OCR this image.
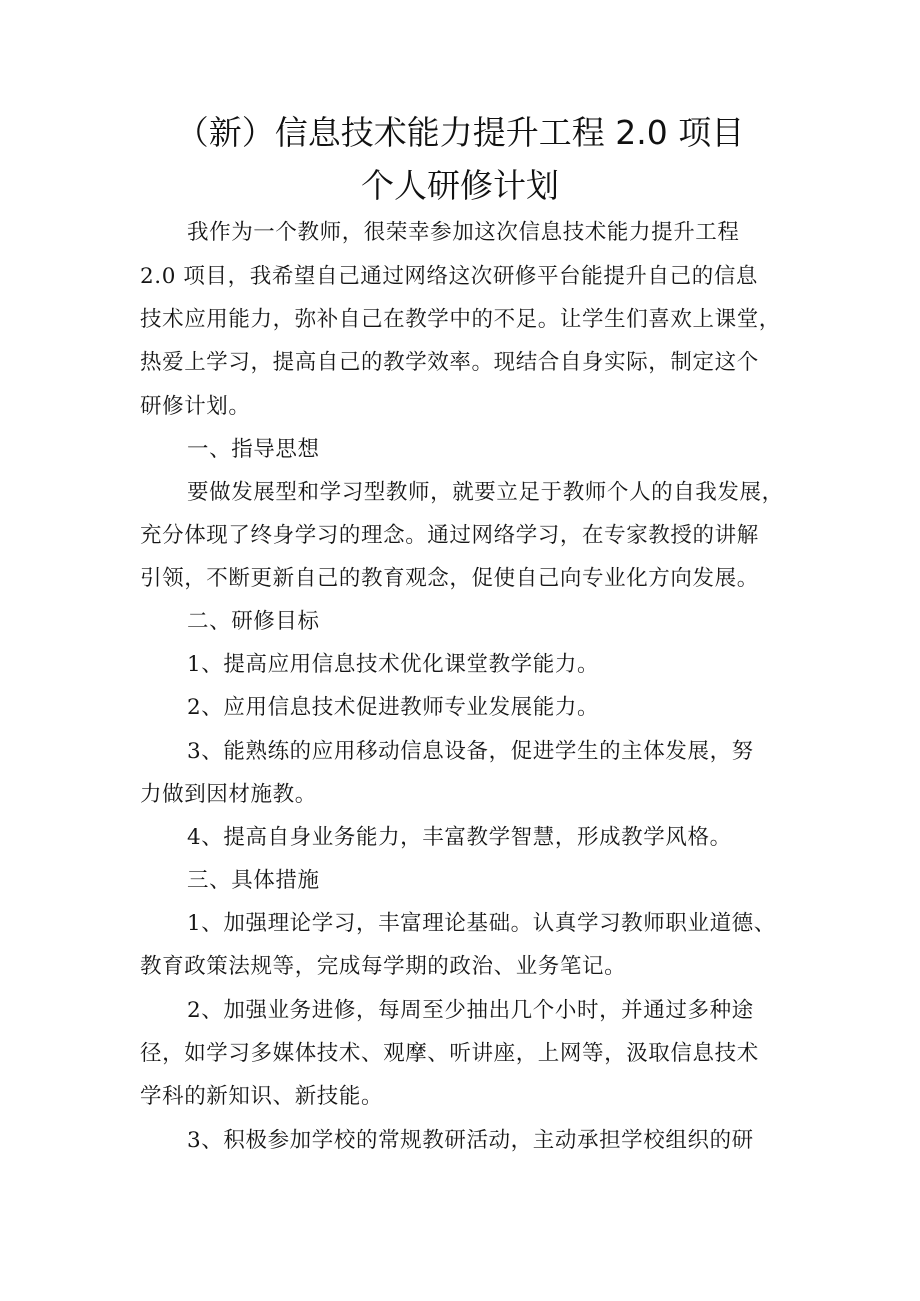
（新）信息技术能力提升工程 2.0 项目
个人研修计划
我作为一个教师，很荣幸参加这次信息技术能力提升工程
2.0 项目，我希望自己通过网络这次研修平台能提升自己的信息
技术应用能力，弥补自己在教学中的不足。让学生们喜欢上课堂，
热爱上学习，提高自己的教学效率。现结合自身实际，制定这个
研修计划。
一、指导思想
要做发展型和学习型教师，就要立足于教师个人的自我发展，
充分体现了终身学习的理念。通过网络学习，在专家教授的讲解
引领，不断更新自己的教育观念，促使自己向专业化方向发展。
二、研修目标
1、提高应用信息技术优化课堂教学能力。
2、应用信息技术促进教师专业发展能力。
3、能熟练的应用移动信息设备，促进学生的主体发展，努
力做到因材施教。
4、提高自身业务能力，丰富教学智慧，形成教学风格。
三、具体措施
1、加强理论学习，丰富理论基础。认真学习教师职业道德、
教育政策法规等，完成每学期的政治、业务笔记。
2、加强业务进修，每周至少抽出几个小时，并通过多种途
径，如学习多媒体技术、观摩、听讲座，上网等，汲取信息技术
学科的新知识、新技能。
3、积极参加学校的常规教研活动，主动承担学校组织的研
